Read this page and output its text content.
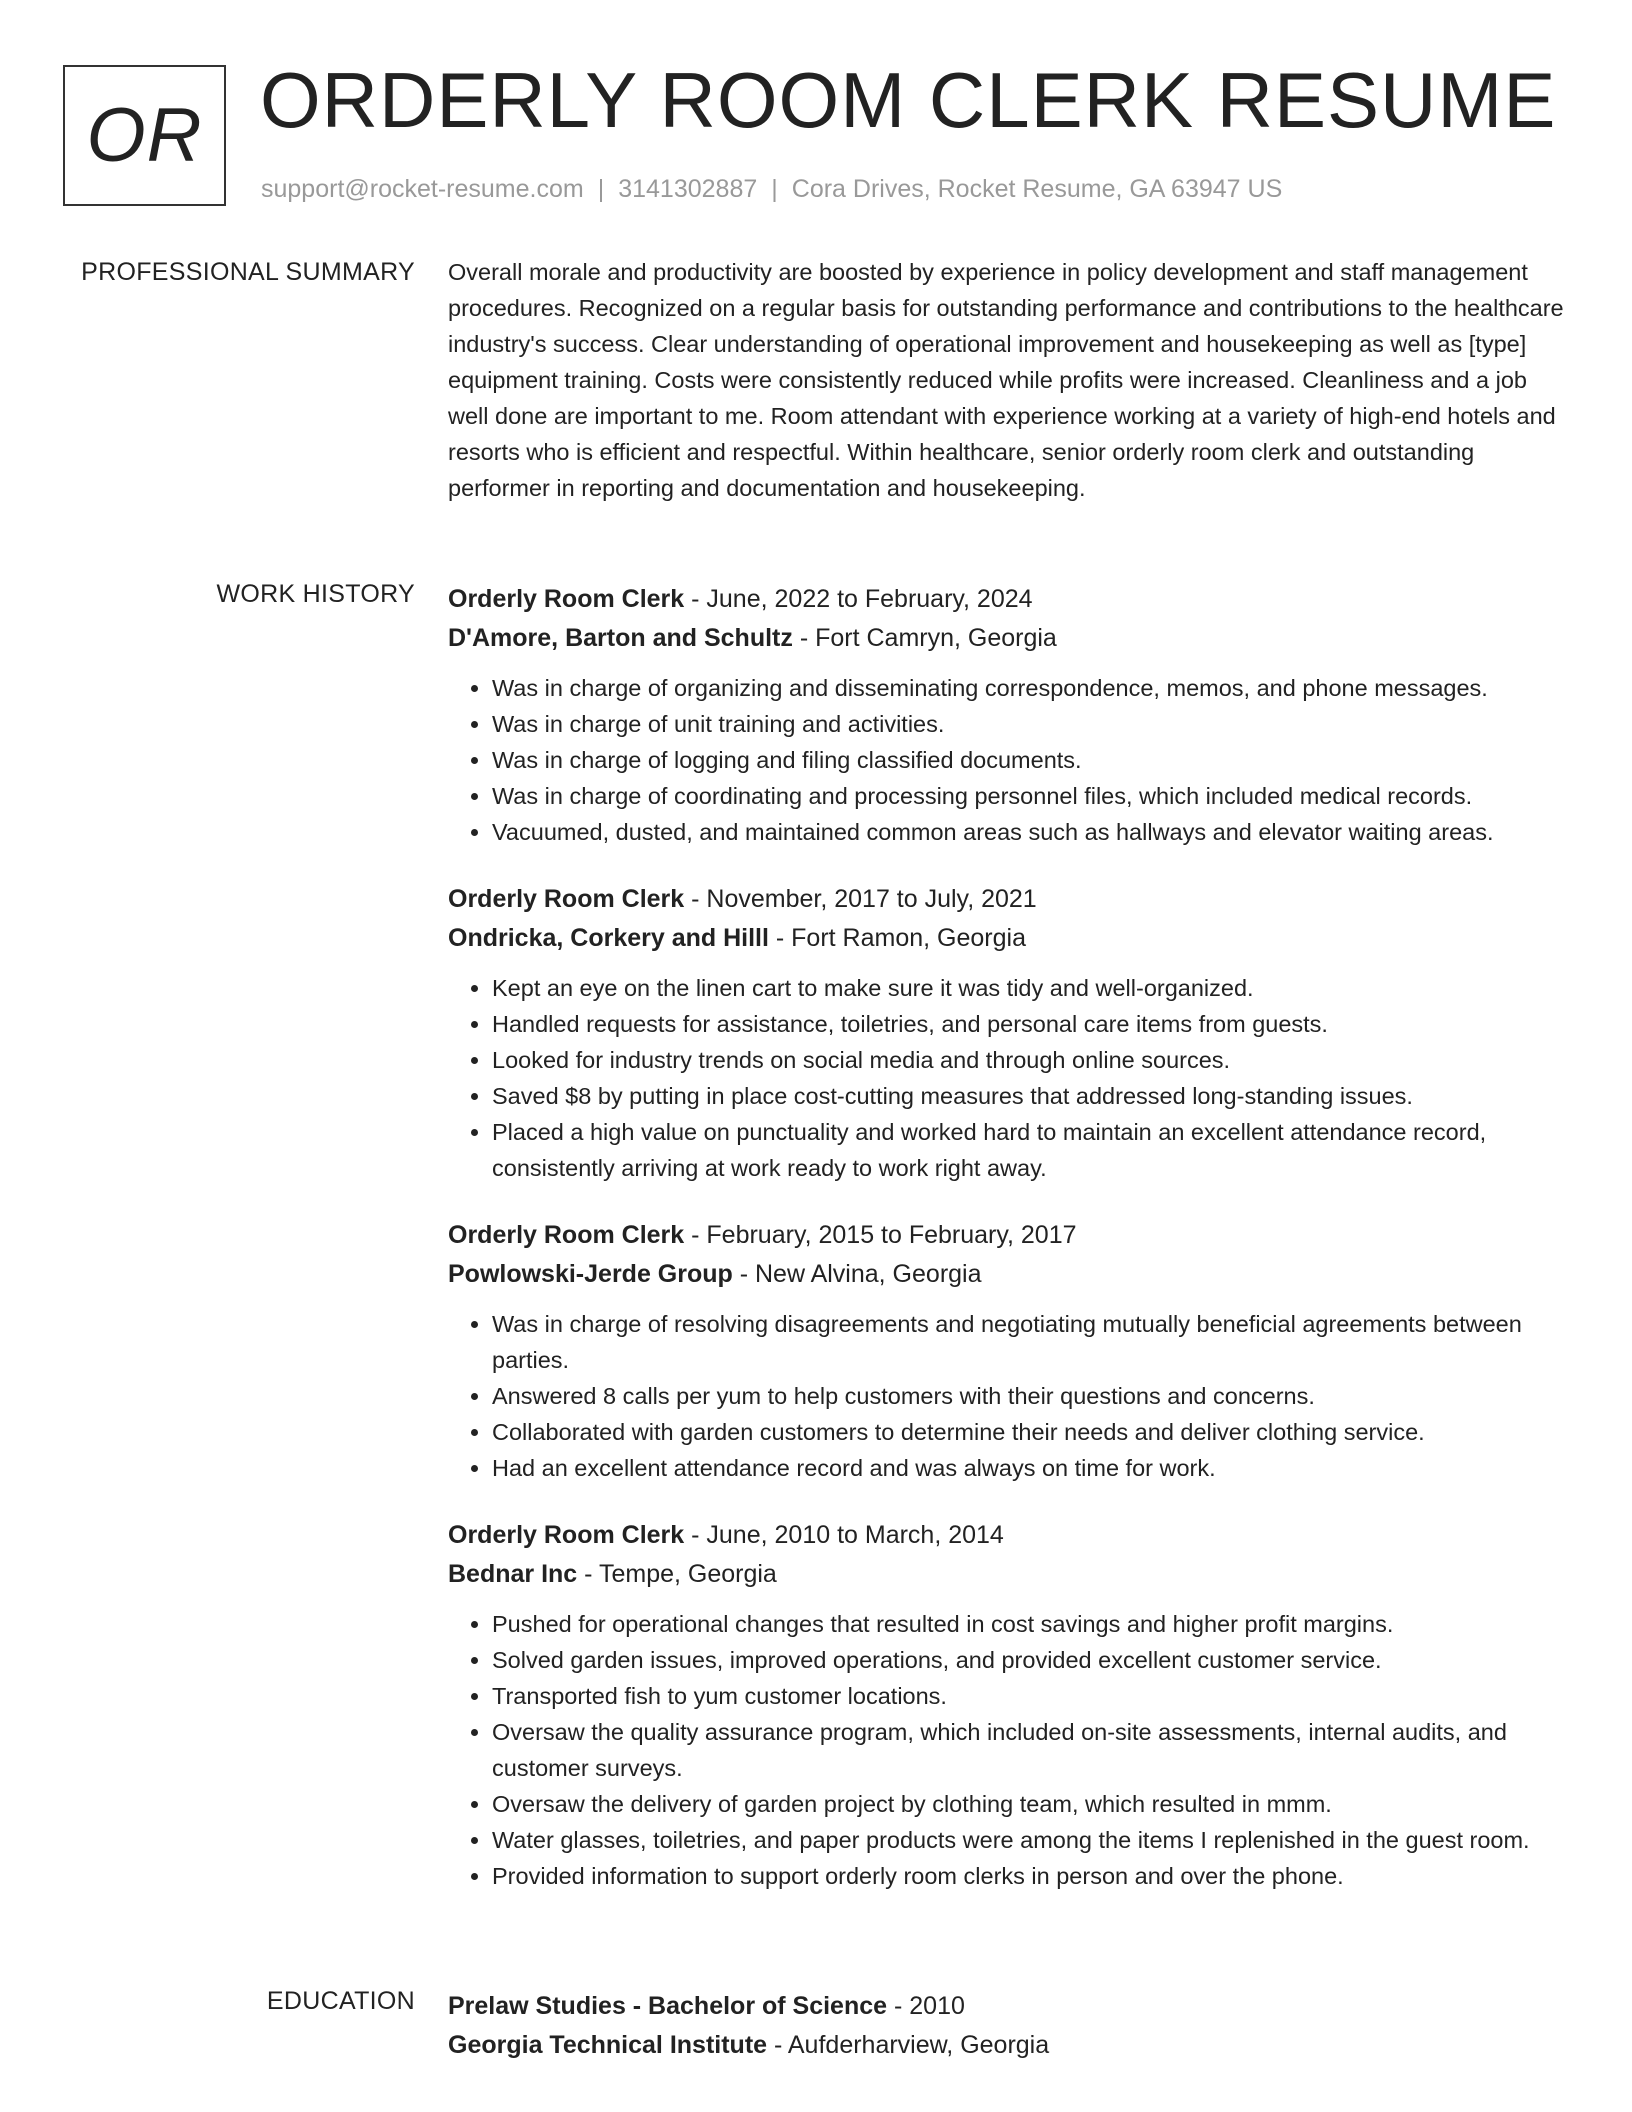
OR ORDERLY ROOM CLERK RESUME
support@rocket-resume.com | 3141302887 | Cora Drives, Rocket Resume, GA 63947 US
PROFESSIONAL SUMMARY Overall morale and productivity are boosted by experience in policy development and staff management procedures. Recognized on a regular basis for outstanding performance and contributions to the healthcare industry's success. Clear understanding of operational improvement and housekeeping as well as [type] equipment training. Costs were consistently reduced while profits were increased. Cleanliness and a job well done are important to me. Room attendant with experience working at a variety of high-end hotels and resorts who is efficient and respectful. Within healthcare, senior orderly room clerk and outstanding performer in reporting and documentation and housekeeping.

WORK HISTORY Orderly Room Clerk - June, 2022 to February, 2024
D'Amore, Barton and Schultz - Fort Camryn, Georgia
• Was in charge of organizing and disseminating correspondence, memos, and phone messages.
• Was in charge of unit training and activities.
• Was in charge of logging and filing classified documents.
• Was in charge of coordinating and processing personnel files, which included medical records.
• Vacuumed, dusted, and maintained common areas such as hallways and elevator waiting areas.
Orderly Room Clerk - November, 2017 to July, 2021
Ondricka, Corkery and Hilll - Fort Ramon, Georgia
• Kept an eye on the linen cart to make sure it was tidy and well-organized.
• Handled requests for assistance, toiletries, and personal care items from guests.
• Looked for industry trends on social media and through online sources.
• Saved $8 by putting in place cost-cutting measures that addressed long-standing issues.
• Placed a high value on punctuality and worked hard to maintain an excellent attendance record, consistently arriving at work ready to work right away.
Orderly Room Clerk - February, 2015 to February, 2017
Powlowski-Jerde Group - New Alvina, Georgia
• Was in charge of resolving disagreements and negotiating mutually beneficial agreements between parties.
• Answered 8 calls per yum to help customers with their questions and concerns.
• Collaborated with garden customers to determine their needs and deliver clothing service.
• Had an excellent attendance record and was always on time for work.
Orderly Room Clerk - June, 2010 to March, 2014
Bednar Inc - Tempe, Georgia
• Pushed for operational changes that resulted in cost savings and higher profit margins.
• Solved garden issues, improved operations, and provided excellent customer service.
• Transported fish to yum customer locations.
• Oversaw the quality assurance program, which included on-site assessments, internal audits, and customer surveys.
• Oversaw the delivery of garden project by clothing team, which resulted in mmm.
• Water glasses, toiletries, and paper products were among the items I replenished in the guest room.
• Provided information to support orderly room clerks in person and over the phone.
EDUCATION Prelaw Studies - Bachelor of Science - 2010
Georgia Technical Institute - Aufderharview, Georgia
